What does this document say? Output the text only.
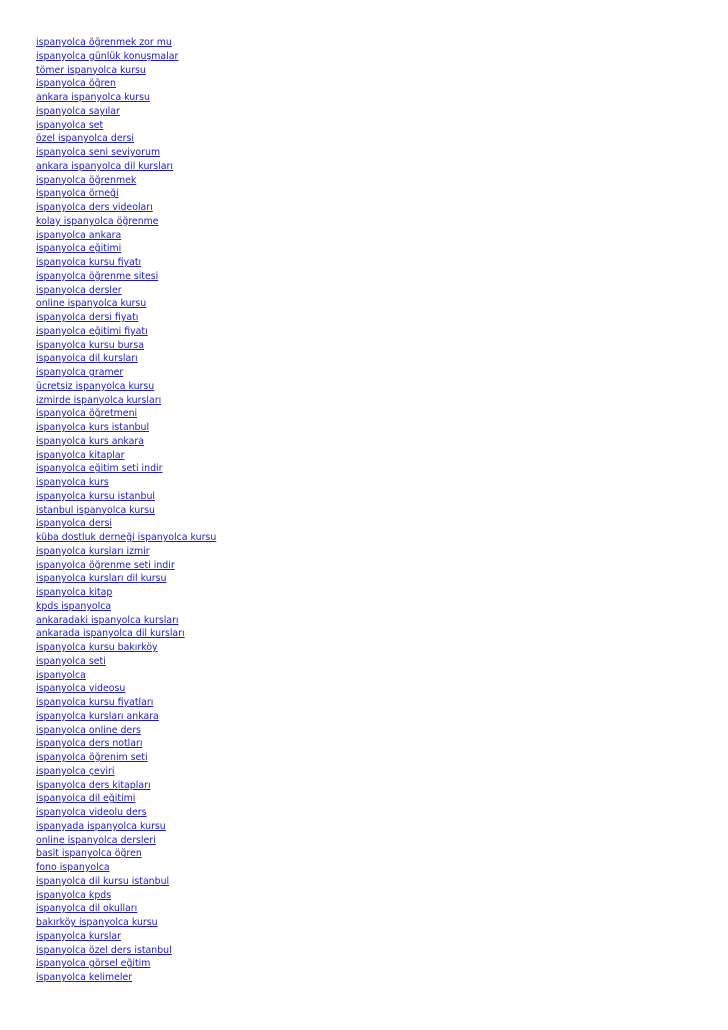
ispanyolca öğrenmek zor mu
ispanyolca günlük konuşmalar
tömer ispanyolca kursu
ispanyolca öğren
ankara ispanyolca kursu
ispanyolca sayılar
ispanyolca set
özel ispanyolca dersi
ispanyolca seni seviyorum
ankara ispanyolca dil kursları
ispanyolca öğrenmek
ispanyolca örneği
ispanyolca ders videoları
kolay ispanyolca öğrenme
ispanyolca ankara
ispanyolca eğitimi
ispanyolca kursu fiyatı
ispanyolca öğrenme sitesi
ispanyolca dersler
online ispanyolca kursu
ispanyolca dersi fiyatı
ispanyolca eğitimi fiyatı
ispanyolca kursu bursa
ispanyolca dil kursları
ispanyolca gramer
ücretsiz ispanyolca kursu
izmirde ispanyolca kursları
ispanyolca öğretmeni
ispanyolca kurs istanbul
ispanyolca kurs ankara
ispanyolca kitaplar
ispanyolca eğitim seti indir
ispanyolca kurs
ispanyolca kursu istanbul
istanbul ispanyolca kursu
ispanyolca dersi
küba dostluk derneği ispanyolca kursu
ispanyolca kursları izmir
ispanyolca öğrenme seti indir
ispanyolca kursları dil kursu
ispanyolca kitap
kpds ispanyolca
ankaradaki ispanyolca kursları
ankarada ispanyolca dil kursları
ispanyolca kursu bakırköy
ispanyolca seti
ispanyolca
ispanyolca videosu
ispanyolca kursu fiyatları
ispanyolca kursları ankara
ispanyolca online ders
ispanyolca ders notları
ispanyolca öğrenim seti
ispanyolca çeviri
ispanyolca ders kitapları
ispanyolca dil eğitimi
ispanyolca videolu ders
ispanyada ispanyolca kursu
online ispanyolca dersleri
basit ispanyolca öğren
fono ispanyolca
ispanyolca dil kursu istanbul
ispanyolca kpds
ispanyolca dil okulları
bakırköy ispanyolca kursu
ispanyolca kurslar
ispanyolca özel ders istanbul
ispanyolca görsel eğitim
ispanyolca kelimeler
